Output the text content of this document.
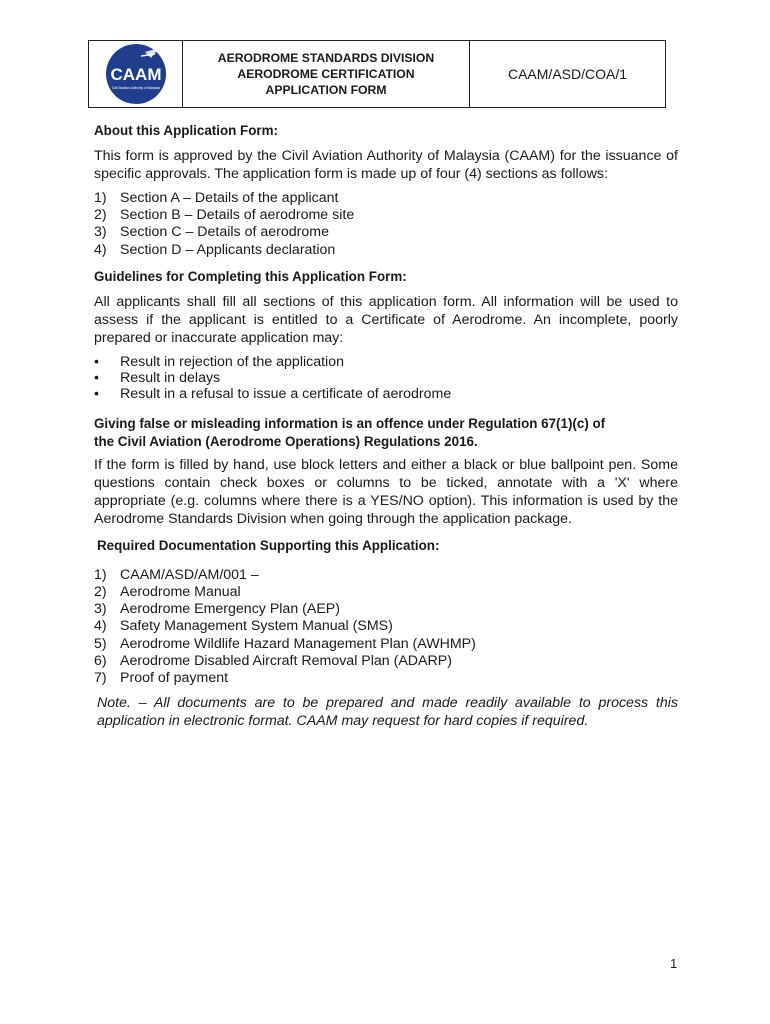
CAAM
Civil Aviation Authority of Malaysia
AERODROME STANDARDS DIVISION
AERODROME CERTIFICATION
APPLICATION FORM
CAAM/ASD/COA/1
About this Application Form:

This form is approved by the Civil Aviation Authority of Malaysia (CAAM) for the issuance of specific approvals. The application form is made up of four (4) sections as follows:

1) Section A – Details of the applicant
2) Section B – Details of aerodrome site
3) Section C – Details of aerodrome
4) Section D – Applicants declaration
Guidelines for Completing this Application Form:

All applicants shall fill all sections of this application form. All information will be used to assess if the applicant is entitled to a Certificate of Aerodrome. An incomplete, poorly prepared or inaccurate application may:

•	Result in rejection of the application
•	Result in delays
•	Result in a refusal to issue a certificate of aerodrome
Giving false or misleading information is an offence under Regulation 67(1)(c) of
the Civil Aviation (Aerodrome Operations) Regulations 2016.

If the form is filled by hand, use block letters and either a black or blue ballpoint pen. Some questions contain check boxes or columns to be ticked, annotate with a 'X' where appropriate (e.g. columns where there is a YES/NO option). This information is used by the Aerodrome Standards Division when going through the application package.

Required Documentation Supporting this Application:
1) CAAM/ASD/AM/001 –
2) Aerodrome Manual
3) Aerodrome Emergency Plan (AEP)
4) Safety Management System Manual (SMS)
5) Aerodrome Wildlife Hazard Management Plan (AWHMP)
6) Aerodrome Disabled Aircraft Removal Plan (ADARP)
7) Proof of payment

Note. – All documents are to be prepared and made readily available to process this application in electronic format. CAAM may request for hard copies if required.

1
